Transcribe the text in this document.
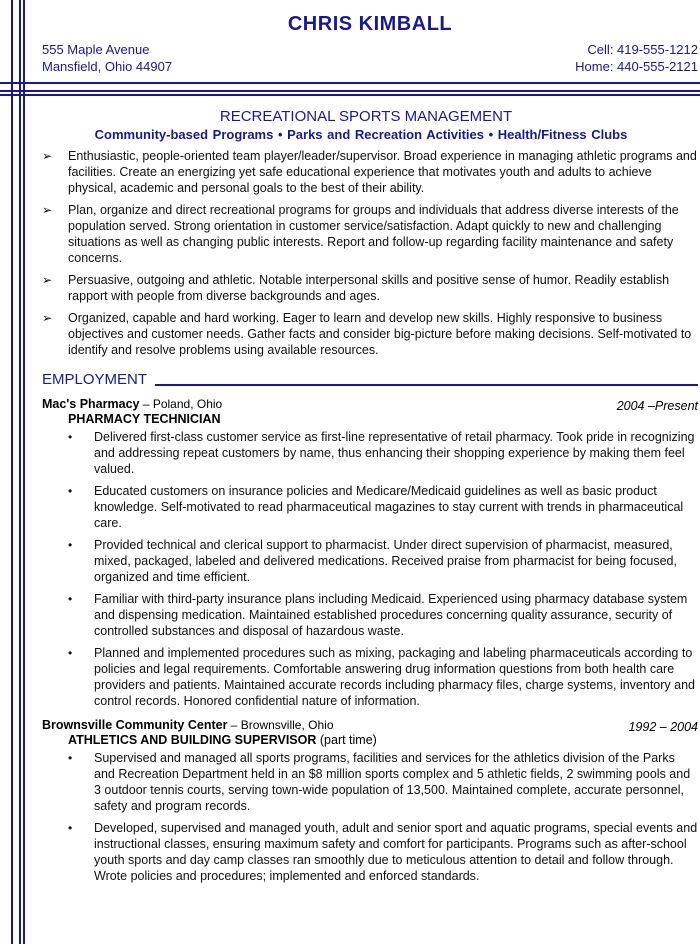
CHRIS KIMBALL
555 Maple Avenue
Mansfield, Ohio 44907
Cell: 419-555-1212
Home: 440-555-2121
RECREATIONAL SPORTS MANAGEMENT
Community-based Programs • Parks and Recreation Activities • Health/Fitness Clubs
➢ Enthusiastic, people-oriented team player/leader/supervisor. Broad experience in managing athletic programs and facilities. Create an energizing yet safe educational experience that motivates youth and adults to achieve physical, academic and personal goals to the best of their ability.
➢ Plan, organize and direct recreational programs for groups and individuals that address diverse interests of the population served. Strong orientation in customer service/satisfaction. Adapt quickly to new and challenging situations as well as changing public interests. Report and follow-up regarding facility maintenance and safety concerns.
➢ Persuasive, outgoing and athletic. Notable interpersonal skills and positive sense of humor. Readily establish rapport with people from diverse backgrounds and ages.
➢ Organized, capable and hard working. Eager to learn and develop new skills. Highly responsive to business objectives and customer needs. Gather facts and consider big-picture before making decisions. Self-motivated to identify and resolve problems using available resources.
EMPLOYMENT
Mac's Pharmacy – Poland, Ohio	2004 –Present
PHARMACY TECHNICIAN
• Delivered first-class customer service as first-line representative of retail pharmacy. Took pride in recognizing and addressing repeat customers by name, thus enhancing their shopping experience by making them feel valued.
• Educated customers on insurance policies and Medicare/Medicaid guidelines as well as basic product knowledge. Self-motivated to read pharmaceutical magazines to stay current with trends in pharmaceutical care.
• Provided technical and clerical support to pharmacist. Under direct supervision of pharmacist, measured, mixed, packaged, labeled and delivered medications. Received praise from pharmacist for being focused, organized and time efficient.
• Familiar with third-party insurance plans including Medicaid. Experienced using pharmacy database system and dispensing medication. Maintained established procedures concerning quality assurance, security of controlled substances and disposal of hazardous waste.
• Planned and implemented procedures such as mixing, packaging and labeling pharmaceuticals according to policies and legal requirements. Comfortable answering drug information questions from both health care providers and patients. Maintained accurate records including pharmacy files, charge systems, inventory and control records. Honored confidential nature of information.
Brownsville Community Center – Brownsville, Ohio	1992 – 2004
ATHLETICS AND BUILDING SUPERVISOR (part time)
• Supervised and managed all sports programs, facilities and services for the athletics division of the Parks and Recreation Department held in an $8 million sports complex and 5 athletic fields, 2 swimming pools and 3 outdoor tennis courts, serving town-wide population of 13,500. Maintained complete, accurate personnel, safety and program records.
• Developed, supervised and managed youth, adult and senior sport and aquatic programs, special events and instructional classes, ensuring maximum safety and comfort for participants. Programs such as after-school youth sports and day camp classes ran smoothly due to meticulous attention to detail and follow through. Wrote policies and procedures; implemented and enforced standards.
